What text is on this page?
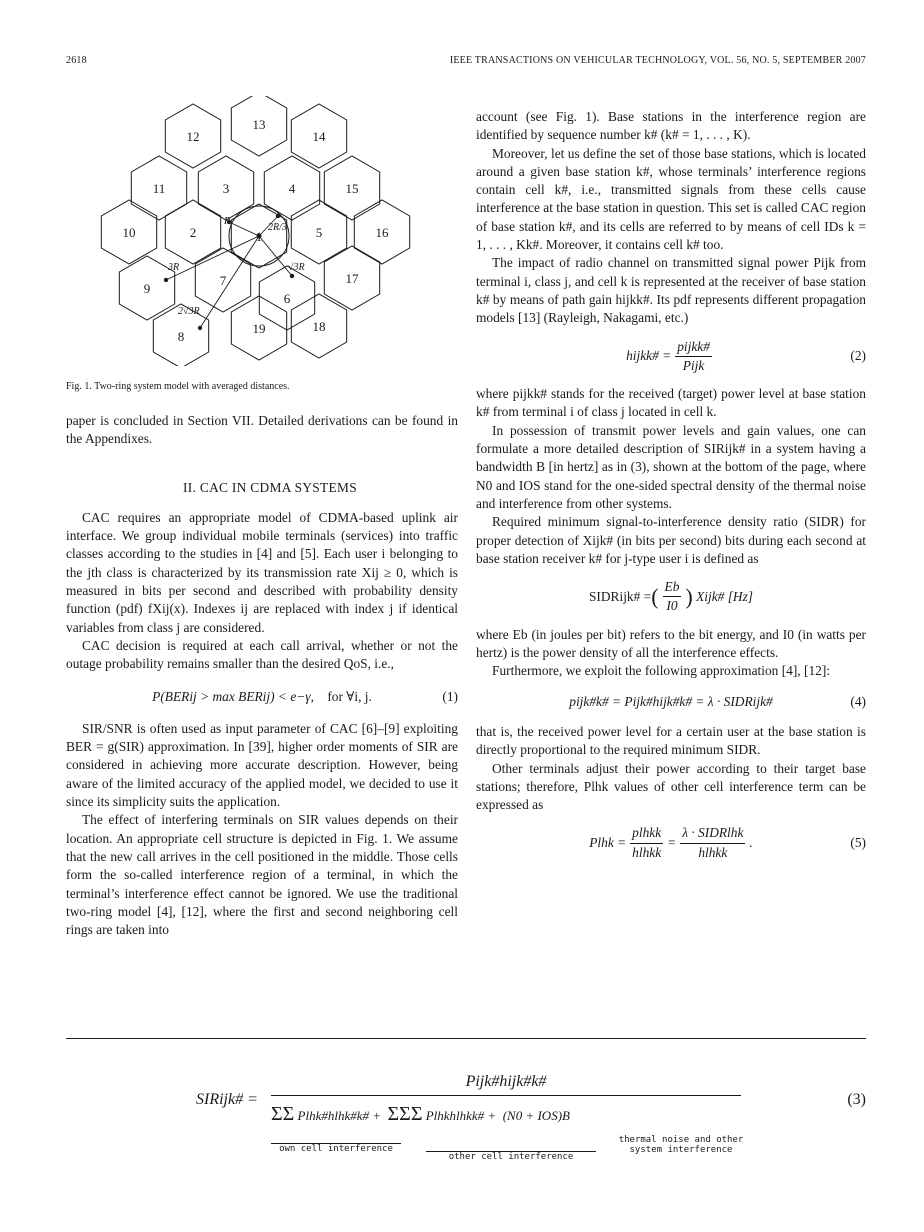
2618	IEEE TRANSACTIONS ON VEHICULAR TECHNOLOGY, VOL. 56, NO. 5, SEPTEMBER 2007
12
13
14
11	3	4	15
10	2	5	16
9
7
6
17
8
19	18
R
2R/3
√3R
3R
2√3R
Fig. 1. Two-ring system model with averaged distances.

paper is concluded in Section VII. Detailed derivations can be found in the Appendixes.

II. CAC IN CDMA SYSTEMS

CAC requires an appropriate model of CDMA-based uplink air interface. We group individual mobile terminals (services) into traffic classes according to the studies in [4] and [5]. Each user i belonging to the jth class is characterized by its transmission rate Xij ≥ 0, which is measured in bits per second and described with probability density function (pdf) fXij(x). Indexes ij are replaced with index j if identical variables from class j are considered.

CAC decision is required at each call arrival, whether or not the outage probability remains smaller than the desired QoS, i.e.,

P(BERij > max BERij) < e−γ,
for ∀i, j.	(1)

SIR/SNR is often used as input parameter of CAC [6]–[9] exploiting BER = g(SIR) approximation. In [39], higher order moments of SIR are considered in achieving more accurate description. However, being aware of the limited accuracy of the applied model, we decided to use it since its simplicity suits the application.

The effect of interfering terminals on SIR values depends on their location. An appropriate cell structure is depicted in Fig. 1. We assume that the new call arrives in the cell positioned in the middle. Those cells form the so-called interference region of a terminal, in which the terminal’s interference effect cannot be ignored. We use the traditional two-ring model [4], [12], where the first and second neighboring cell rings are taken into

account (see Fig. 1). Base stations in the interference region are identified by sequence number k# (k# = 1, . . . , K).

Moreover, let us define the set of those base stations, which is located around a given base station k#, whose terminals’ interference regions contain cell k#, i.e., transmitted signals from these cells cause interference at the base station in question. This set is called CAC region of base station k#, and its cells are referred to by means of cell IDs k = 1, . . . , Kk#. Moreover, it contains cell k# too.

The impact of radio channel on transmitted signal power Pijk from terminal i, class j, and cell k is represented at the receiver of base station k# by means of path gain hijkk#. Its pdf represents different propagation models [13] (Rayleigh, Nakagami, etc.)

hijkk# = $\frac{\text{pijkk\#}}{\text{Pijk}}$	(2)

where pijkk# stands for the received (target) power level at base station k# from terminal i of class j located in cell k.

In possession of transmit power levels and gain values, one can formulate a more detailed description of SIRijk# in a system having a bandwidth B [in hertz] as in (3), shown at the bottom of the page, where N0 and IOS stand for the one-sided spectral density of the thermal noise and interference from other systems.

Required minimum signal-to-interference density ratio (SIDR) for proper detection of Xijk# (in bits per second) bits during each second at base station receiver k# for j-type user i is defined as

SIDRijk# = ( $\frac{Eb}{I0}$ )
Xijk# [Hz]

where Eb (in joules per bit) refers to the bit energy, and I0 (in watts per hertz) is the power density of all the interference effects.

Furthermore, we exploit the following approximation [4], [12]:

pijk#k# = Pijk#hijk#k# = λ · SIDRijk#	(4)

that is, the received power level for a certain user at the base station is directly proportional to the required minimum SIDR.

Other terminals adjust their power according to their target base stations; therefore, Plhk values of other cell interference term can be expressed as

Plhk = $\frac{\text{plhkk}}{\text{hlhkk}} = \frac{\text{λ · SIDRlhk}}{\text{hlhkk}}$ .	(5)
SIRijk# =
Pijk#hijk#k#
ΣΣ Plhk#hlhk#k# + ΣΣΣ Plhkhlhkk# + (N0 + IOS)B
own cell interference
other cell interference
thermal noise and other system interference
(3)
